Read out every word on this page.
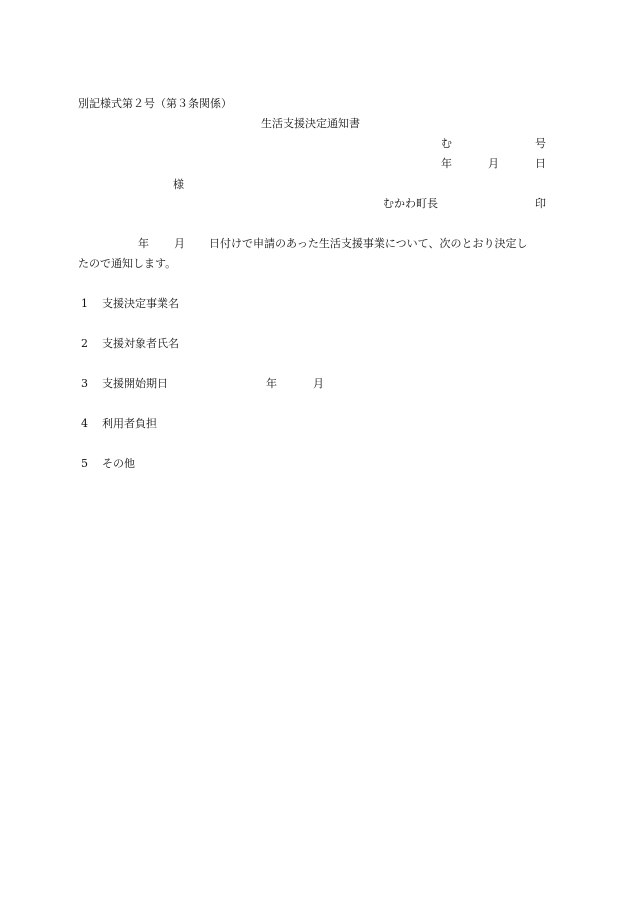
別記様式第２号（第３条関係）
生活支援決定通知書
む	号
年	月	日
様
むかわ町長	印
年 月 日付けで申請のあった生活支援事業について、次のとおり決定し
たので通知します。
1 支援決定事業名
2 支援対象者氏名
3 支援開始期日	年	月
4 利用者負担
5 その他
